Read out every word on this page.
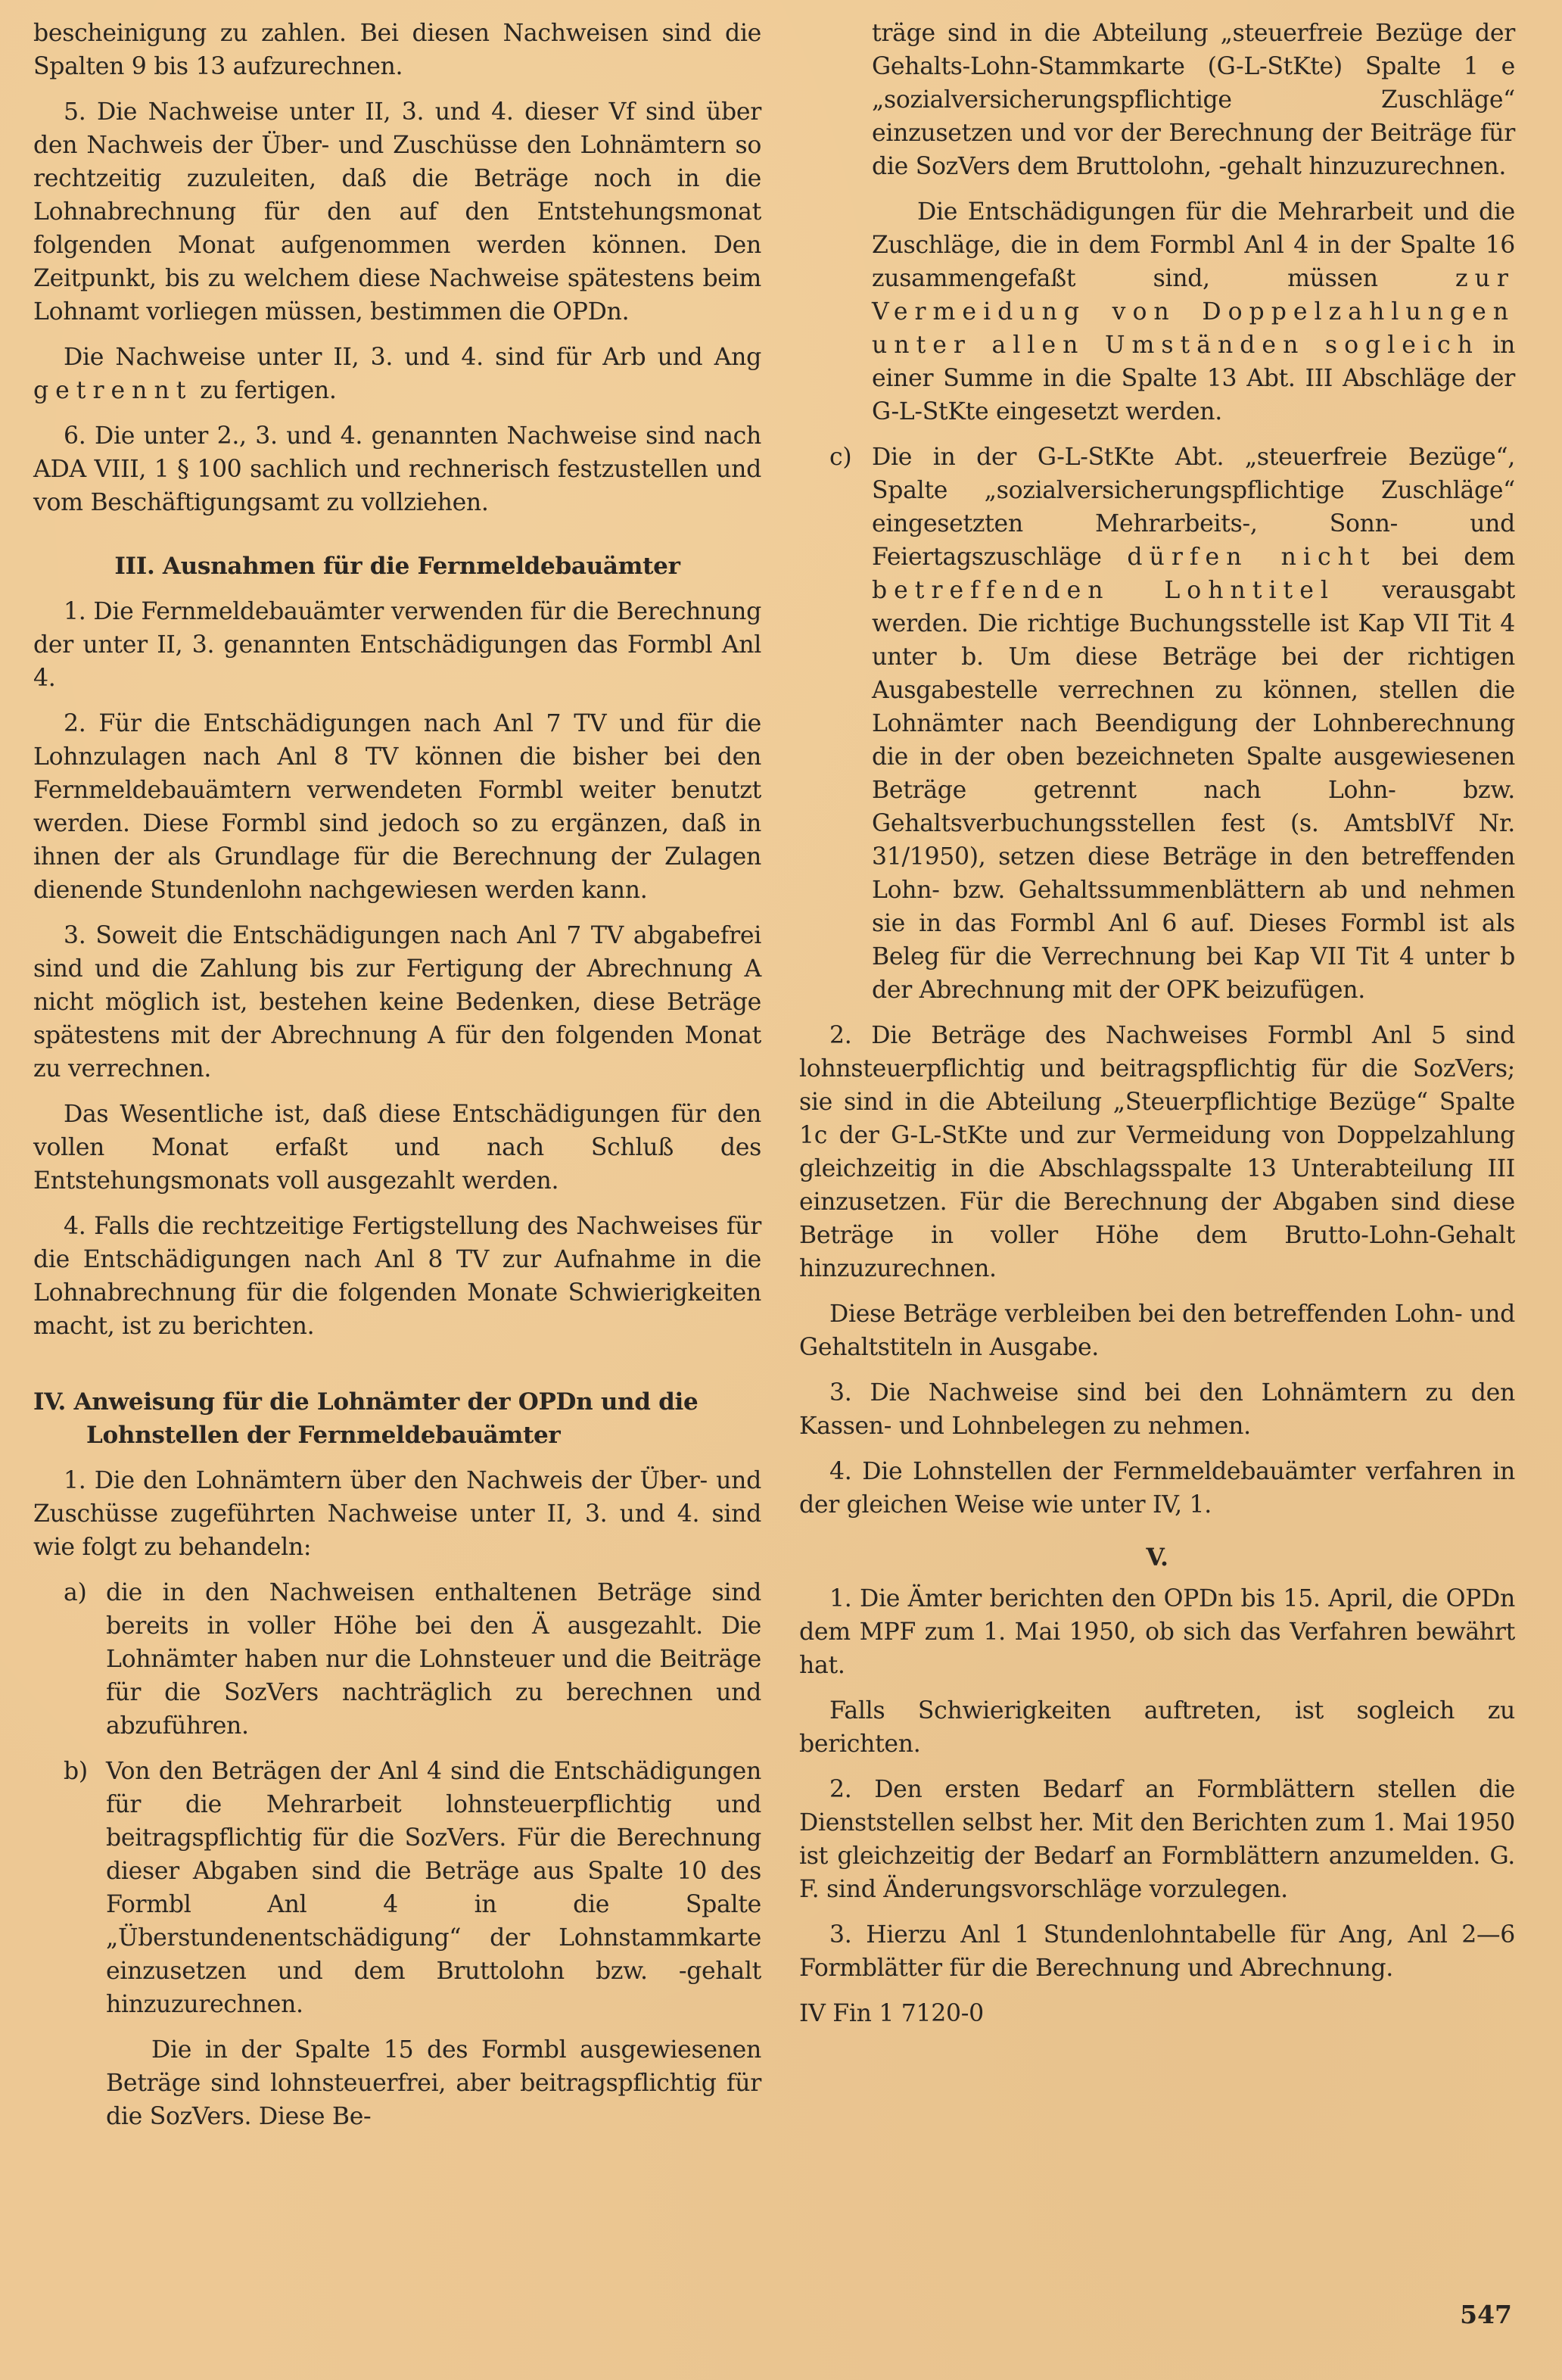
bescheinigung zu zahlen. Bei diesen Nachweisen sind die Spalten 9 bis 13 aufzurechnen.

5. Die Nachweise unter II, 3. und 4. dieser Vf sind über den Nachweis der Über- und Zuschüsse den Lohnämtern so rechtzeitig zuzuleiten, daß die Beträge noch in die Lohnabrechnung für den auf den Entstehungsmonat folgenden Monat aufgenommen werden können. Den Zeitpunkt, bis zu welchem diese Nachweise spätestens beim Lohnamt vorliegen müssen, bestimmen die OPDn.

Die Nachweise unter II, 3. und 4. sind für Arb und Ang getrennt zu fertigen.

6. Die unter 2., 3. und 4. genannten Nachweise sind nach ADA VIII, 1 § 100 sachlich und rechnerisch festzustellen und vom Beschäftigungsamt zu vollziehen.

III. Ausnahmen für die Fernmeldebauämter

1. Die Fernmeldebauämter verwenden für die Berechnung der unter II, 3. genannten Entschädigungen das Formbl Anl 4.

2. Für die Entschädigungen nach Anl 7 TV und für die Lohnzulagen nach Anl 8 TV können die bisher bei den Fernmeldebauämtern verwendeten Formbl weiter benutzt werden. Diese Formbl sind jedoch so zu ergänzen, daß in ihnen der als Grundlage für die Berechnung der Zulagen dienende Stundenlohn nachgewiesen werden kann.

3. Soweit die Entschädigungen nach Anl 7 TV abgabefrei sind und die Zahlung bis zur Fertigung der Abrechnung A nicht möglich ist, bestehen keine Bedenken, diese Beträge spätestens mit der Abrechnung A für den folgenden Monat zu verrechnen.

Das Wesentliche ist, daß diese Entschädigungen für den vollen Monat erfaßt und nach Schluß des Entstehungsmonats voll ausgezahlt werden.

4. Falls die rechtzeitige Fertigstellung des Nachweises für die Entschädigungen nach Anl 8 TV zur Aufnahme in die Lohnabrechnung für die folgenden Monate Schwierigkeiten macht, ist zu berichten.

IV. Anweisung für die Lohnämter der OPDn und die Lohnstellen der Fernmeldebauämter

1. Die den Lohnämtern über den Nachweis der Über- und Zuschüsse zugeführten Nachweise unter II, 3. und 4. sind wie folgt zu behandeln:

a) die in den Nachweisen enthaltenen Beträge sind bereits in voller Höhe bei den Ä ausgezahlt. Die Lohnämter haben nur die Lohnsteuer und die Beiträge für die SozVers nachträglich zu berechnen und abzuführen.
b) Von den Beträgen der Anl 4 sind die Entschädigungen für die Mehrarbeit lohnsteuerpflichtig und beitragspflichtig für die SozVers. Für die Berechnung dieser Abgaben sind die Beträge aus Spalte 10 des Formbl Anl 4 in die Spalte „Überstundenentschädigung“ der Lohnstammkarte einzusetzen und dem Bruttolohn bzw. -gehalt hinzuzurechnen.

Die in der Spalte 15 des Formbl ausgewiesenen Beträge sind lohnsteuerfrei, aber beitragspflichtig für die SozVers. Diese Be-

träge sind in die Abteilung „steuerfreie Bezüge der Gehalts-Lohn-Stammkarte (G-L-StKte) Spalte 1 e „sozialversicherungspflichtige Zuschläge“ einzusetzen und vor der Berechnung der Beiträge für die SozVers dem Bruttolohn, -gehalt hinzuzurechnen.

Die Entschädigungen für die Mehrarbeit und die Zuschläge, die in dem Formbl Anl 4 in der Spalte 16 zusammengefaßt sind, müssen	zur Vermeidung von Doppelzahlungen unter allen Umständen sogleich in einer Summe in die Spalte 13 Abt. III Abschläge der G-L-StKte eingesetzt werden.

c) Die in der G-L-StKte Abt. „steuerfreie Bezüge“, Spalte „sozialversicherungspflichtige Zuschläge“ eingesetzten Mehrarbeits-, Sonn- und Feiertagszuschläge dürfen nicht bei dem betreffenden Lohntitel verausgabt werden. Die richtige Buchungsstelle ist Kap VII Tit 4 unter b. Um diese Beträge bei der richtigen Ausgabestelle verrechnen zu können, stellen die Lohnämter nach Beendigung der Lohnberechnung die in der oben bezeichneten Spalte ausgewiesenen Beträge getrennt nach Lohn- bzw. Gehaltsverbuchungsstellen fest (s. AmtsblVf Nr. 31/1950), setzen diese Beträge in den betreffenden Lohn- bzw. Gehaltssummenblättern ab und nehmen sie in das Formbl Anl 6 auf. Dieses Formbl ist als Beleg für die Verrechnung bei Kap VII Tit 4 unter b der Abrechnung mit der OPK beizufügen.

2. Die Beträge des Nachweises Formbl Anl 5 sind lohnsteuerpflichtig und beitragspflichtig für die SozVers; sie sind in die Abteilung „Steuerpflichtige Bezüge“ Spalte 1c der G-L-StKte und zur Vermeidung von Doppelzahlung gleichzeitig in die Abschlagsspalte 13 Unterabteilung III einzusetzen. Für die Berechnung der Abgaben sind diese Beträge in voller Höhe dem Brutto-Lohn-Gehalt hinzuzurechnen.

Diese Beträge verbleiben bei den betreffenden Lohn- und Gehaltstiteln in Ausgabe.

3. Die Nachweise sind bei den Lohnämtern zu den Kassen- und Lohnbelegen zu nehmen.

4. Die Lohnstellen der Fernmeldebauämter verfahren in der gleichen Weise wie unter IV, 1.

V.

1. Die Ämter berichten den OPDn bis 15. April, die OPDn dem MPF zum 1. Mai 1950, ob sich das Verfahren bewährt hat.

Falls Schwierigkeiten auftreten, ist sogleich zu berichten.

2. Den ersten Bedarf an Formblättern stellen die Dienststellen selbst her. Mit den Berichten zum 1. Mai 1950 ist gleichzeitig der Bedarf an Formblättern anzumelden. G. F. sind Änderungsvorschläge vorzulegen.

3. Hierzu Anl 1 Stundenlohntabelle für Ang, Anl 2—6 Formblätter für die Berechnung und Abrechnung.

IV Fin 1 7120-0

547
